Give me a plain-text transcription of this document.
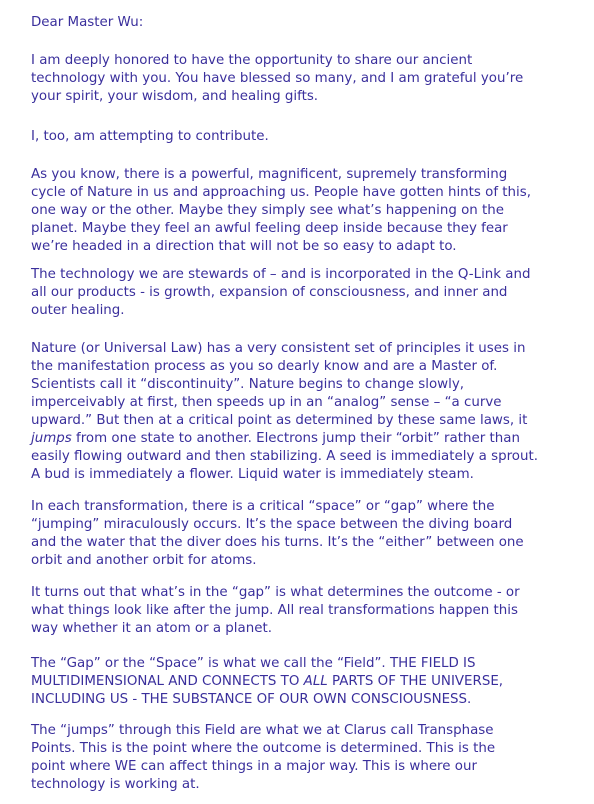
Dear Master Wu:

I am deeply honored to have the opportunity to share our ancient
technology with you. You have blessed so many, and I am grateful you’re
your spirit, your wisdom, and healing gifts.

I, too, am attempting to contribute.

As you know, there is a powerful, magnificent, supremely transforming
cycle of Nature in us and approaching us. People have gotten hints of this,
one way or the other. Maybe they simply see what’s happening on the
planet. Maybe they feel an awful feeling deep inside because they fear
we’re headed in a direction that will not be so easy to adapt to.

The technology we are stewards of – and is incorporated in the Q-Link and
all our products - is growth, expansion of consciousness, and inner and
outer healing.

Nature (or Universal Law) has a very consistent set of principles it uses in
the manifestation process as you so dearly know and are a Master of.
Scientists call it “discontinuity”. Nature begins to change slowly,
imperceivably at first, then speeds up in an “analog” sense – “a curve
upward.” But then at a critical point as determined by these same laws, it
jumps from one state to another. Electrons jump their “orbit” rather than
easily flowing outward and then stabilizing. A seed is immediately a sprout.
A bud is immediately a flower. Liquid water is immediately steam.

In each transformation, there is a critical “space” or “gap” where the
“jumping” miraculously occurs. It’s the space between the diving board
and the water that the diver does his turns. It’s the “either” between one
orbit and another orbit for atoms.

It turns out that what’s in the “gap” is what determines the outcome - or
what things look like after the jump. All real transformations happen this
way whether it an atom or a planet.

The “Gap” or the “Space” is what we call the “Field”. THE FIELD IS
MULTIDIMENSIONAL AND CONNECTS TO ALL PARTS OF THE UNIVERSE,
INCLUDING US - THE SUBSTANCE OF OUR OWN CONSCIOUSNESS.

The “jumps” through this Field are what we at Clarus call Transphase
Points. This is the point where the outcome is determined. This is the
point where WE can affect things in a major way. This is where our
technology is working at.
